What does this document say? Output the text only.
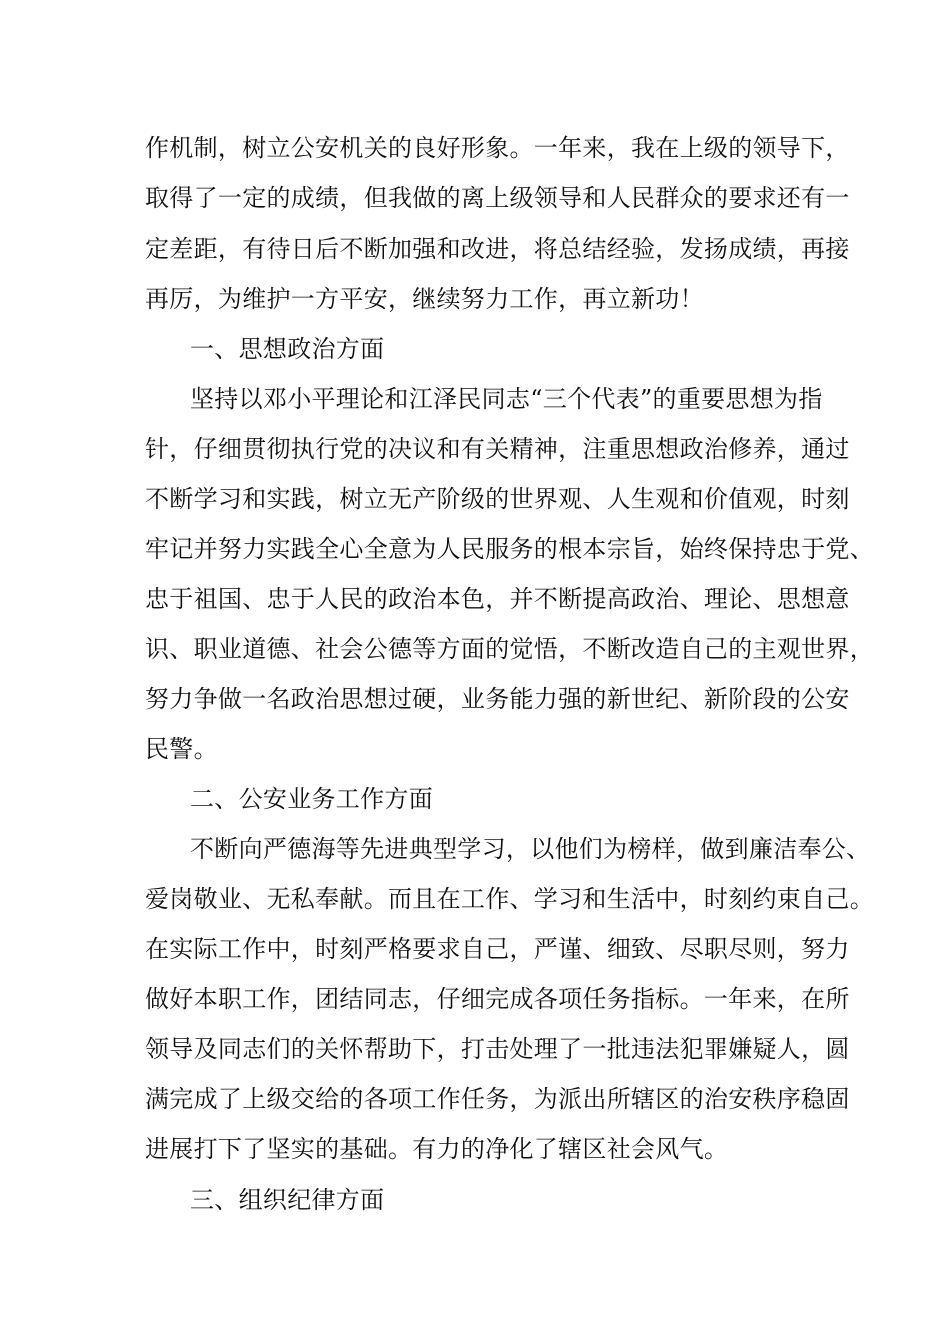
作机制，树立公安机关的良好形象。一年来，我在上级的领导下，
取得了一定的成绩，但我做的离上级领导和人民群众的要求还有一
定差距，有待日后不断加强和改进，将总结经验，发扬成绩，再接
再厉，为维护一方平安，继续努力工作，再立新功！
一、思想政治方面
坚持以邓小平理论和江泽民同志“三个代表”的重要思想为指
针，仔细贯彻执行党的决议和有关精神，注重思想政治修养，通过
不断学习和实践，树立无产阶级的世界观、人生观和价值观，时刻
牢记并努力实践全心全意为人民服务的根本宗旨，始终保持忠于党、
忠于祖国、忠于人民的政治本色，并不断提高政治、理论、思想意
识、职业道德、社会公德等方面的觉悟，不断改造自己的主观世界，
努力争做一名政治思想过硬，业务能力强的新世纪、新阶段的公安
民警。
二、公安业务工作方面
不断向严德海等先进典型学习，以他们为榜样，做到廉洁奉公、
爱岗敬业、无私奉献。而且在工作、学习和生活中，时刻约束自己。
在实际工作中，时刻严格要求自己，严谨、细致、尽职尽则，努力
做好本职工作，团结同志，仔细完成各项任务指标。一年来，在所
领导及同志们的关怀帮助下，打击处理了一批违法犯罪嫌疑人，圆
满完成了上级交给的各项工作任务，为派出所辖区的治安秩序稳固
进展打下了坚实的基础。有力的净化了辖区社会风气。
三、组织纪律方面
